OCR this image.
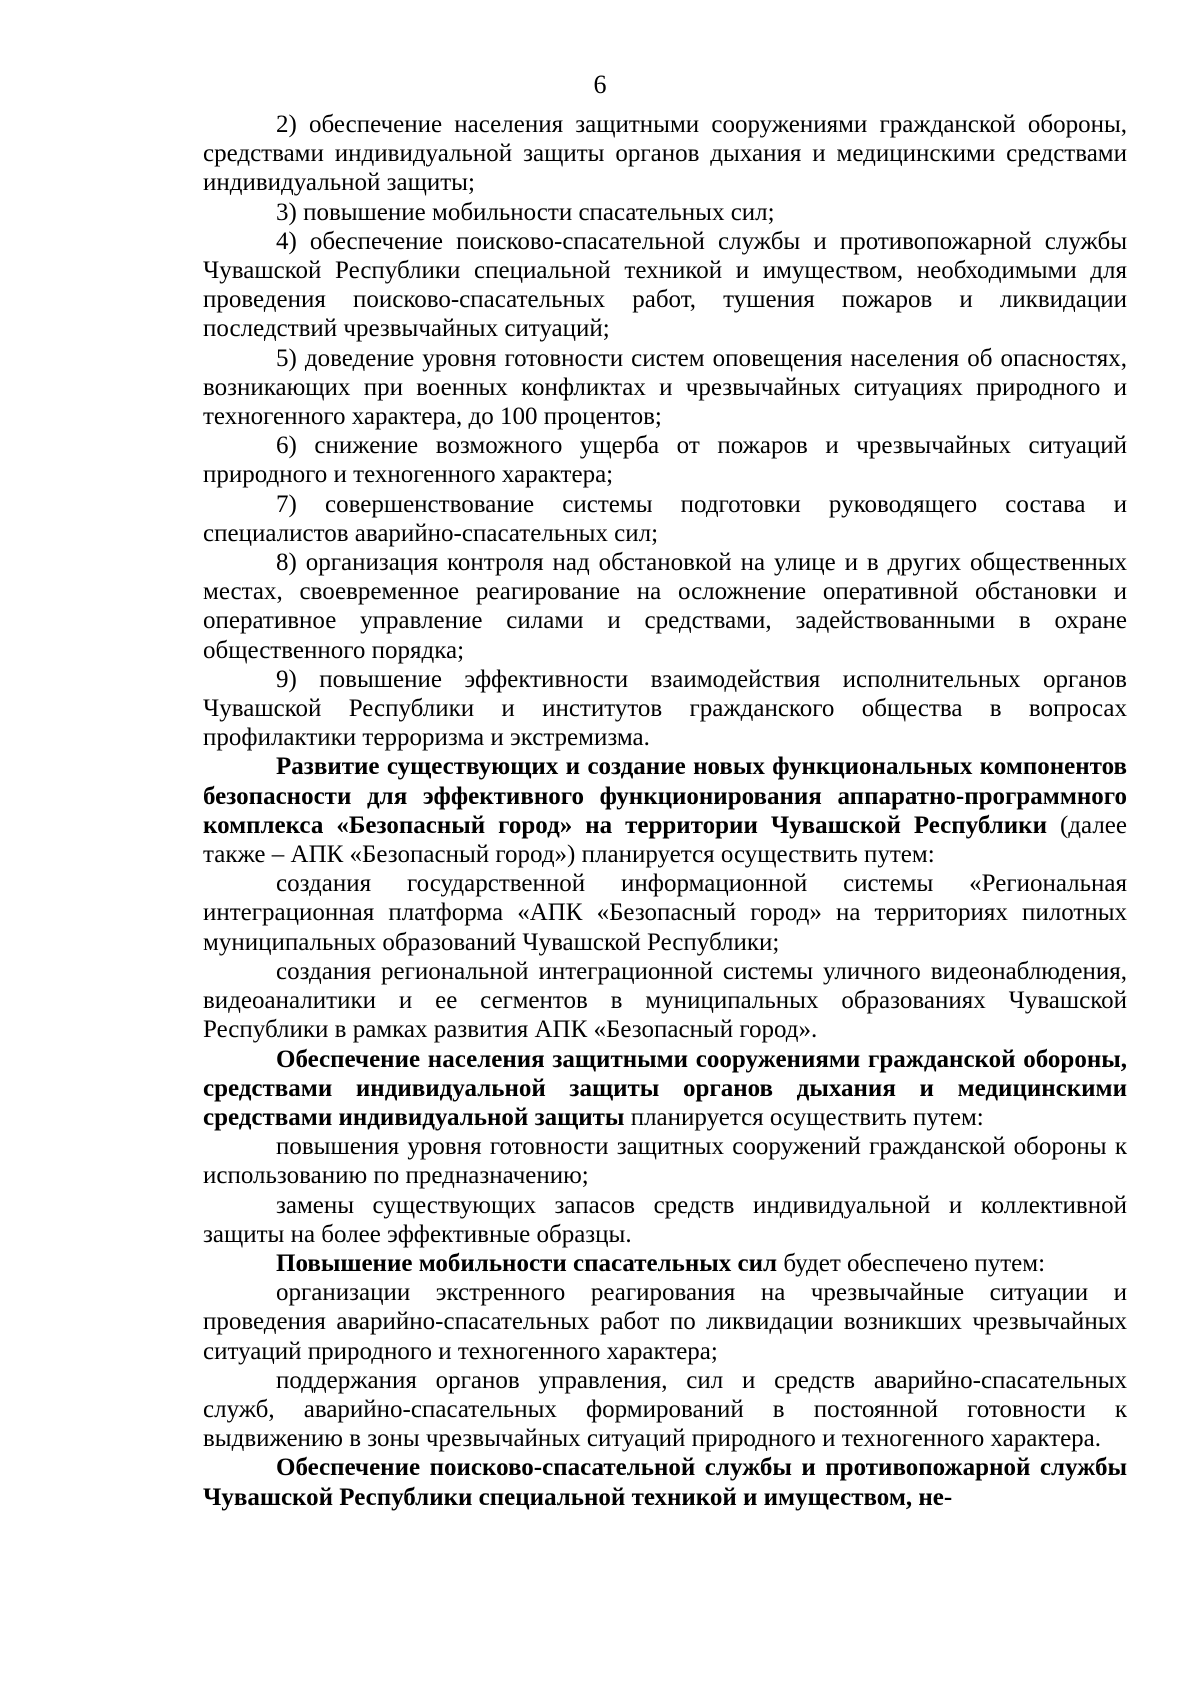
6

2) обеспечение населения защитными сооружениями гражданской обороны, средствами индивидуальной защиты органов дыхания и медицинскими средствами индивидуальной защиты;

3) повышение мобильности спасательных сил;

4) обеспечение поисково-спасательной службы и противопожарной службы Чувашской Республики специальной техникой и имуществом, необходимыми для проведения поисково-спасательных работ, тушения пожаров и ликвидации последствий чрезвычайных ситуаций;

5) доведение уровня готовности систем оповещения населения об опасностях, возникающих при военных конфликтах и чрезвычайных ситуациях природного и техногенного характера, до 100 процентов;

6) снижение возможного ущерба от пожаров и чрезвычайных ситуаций природного и техногенного характера;

7) совершенствование системы подготовки руководящего состава и специалистов аварийно-спасательных сил;

8) организация контроля над обстановкой на улице и в других общественных местах, своевременное реагирование на осложнение оперативной обстановки и оперативное управление силами и средствами, задействованными в охране общественного порядка;

9) повышение эффективности взаимодействия исполнительных органов Чувашской Республики и институтов гражданского общества в вопросах профилактики терроризма и экстремизма.

Развитие существующих и создание новых функциональных компонентов безопасности для эффективного функционирования аппаратно-программного комплекса «Безопасный город» на территории Чувашской Республики (далее также – АПК «Безопасный город») планируется осуществить путем:

создания государственной информационной системы «Региональная интеграционная платформа «АПК «Безопасный город» на территориях пилотных муниципальных образований Чувашской Республики;

создания региональной интеграционной системы уличного видеонаблюдения, видеоаналитики и ее сегментов в муниципальных образованиях Чувашской Республики в рамках развития АПК «Безопасный город».

Обеспечение населения защитными сооружениями гражданской обороны, средствами индивидуальной защиты органов дыхания и медицинскими средствами индивидуальной защиты планируется осуществить путем:

повышения уровня готовности защитных сооружений гражданской обороны к использованию по предназначению;

замены существующих запасов средств индивидуальной и коллективной защиты на более эффективные образцы.

Повышение мобильности спасательных сил будет обеспечено путем:

организации экстренного реагирования на чрезвычайные ситуации и проведения аварийно-спасательных работ по ликвидации возникших чрезвычайных ситуаций природного и техногенного характера;

поддержания органов управления, сил и средств аварийно-спасательных служб, аварийно-спасательных формирований в постоянной готовности к выдвижению в зоны чрезвычайных ситуаций природного и техногенного характера.

Обеспечение поисково-спасательной службы и противопожарной службы Чувашской Республики специальной техникой и имуществом, не-
